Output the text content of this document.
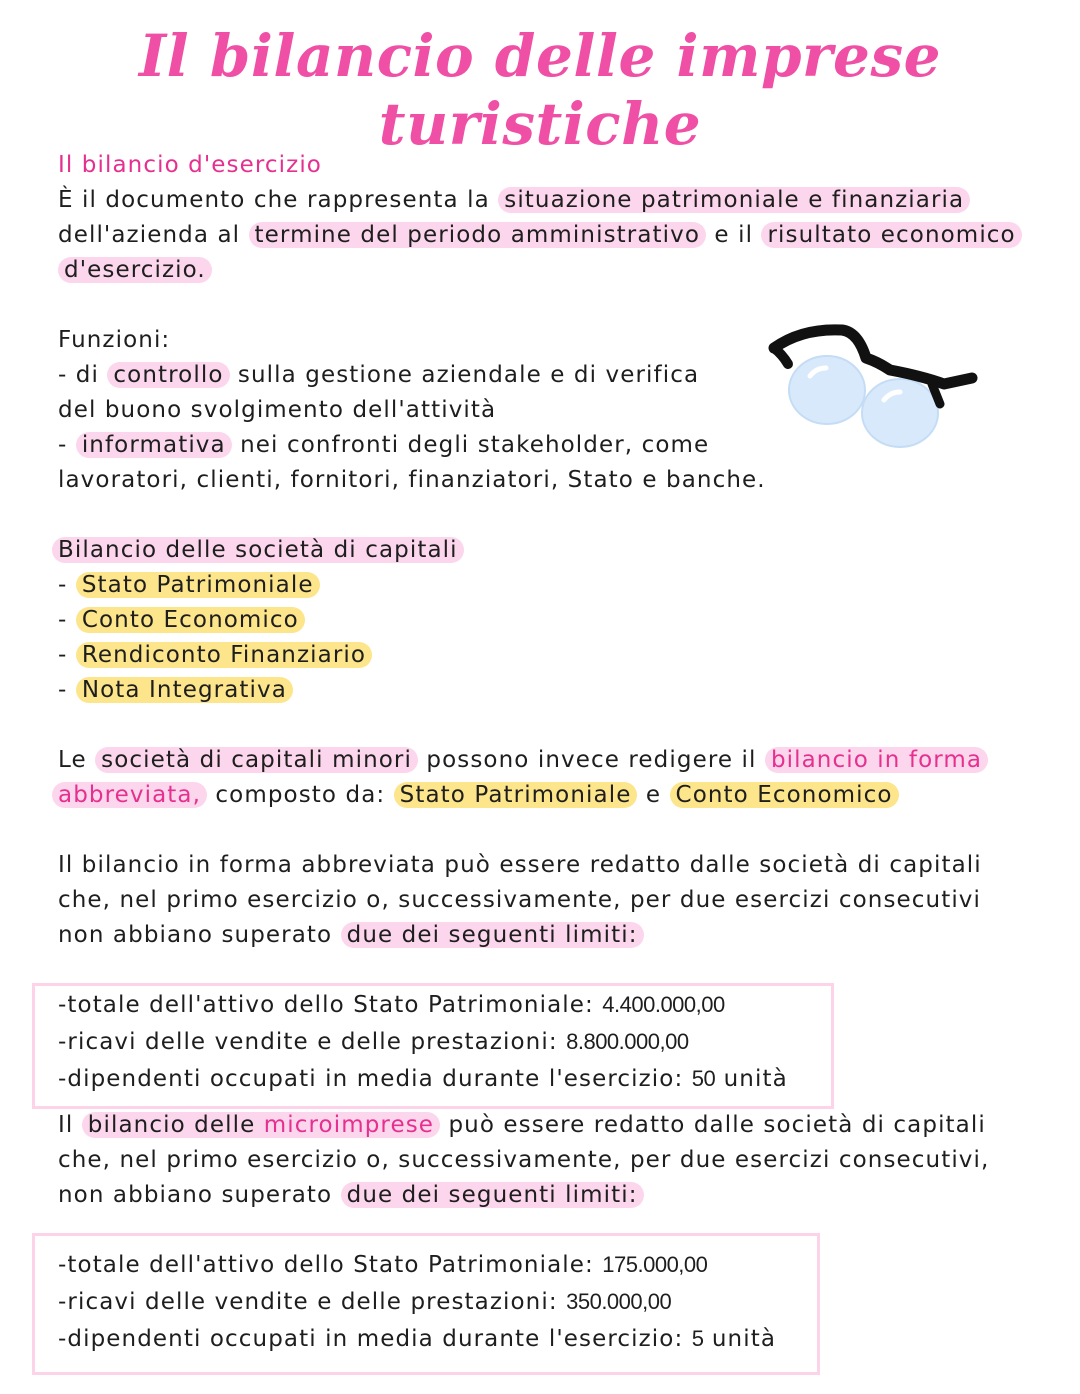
Il bilancio delle imprese turistiche
Il bilancio d'esercizio
È il documento che rappresenta la situazione patrimoniale e finanziaria
dell'azienda al termine del periodo amministrativo e il risultato economico
d'esercizio.
Funzioni:
- di controllo sulla gestione aziendale e di verifica
del buono svolgimento dell'attività
- informativa nei confronti degli stakeholder, come
lavoratori, clienti, fornitori, finanziatori, Stato e banche.
Bilancio delle società di capitali
- Stato Patrimoniale
- Conto Economico
- Rendiconto Finanziario
- Nota Integrativa
Le società di capitali minori possono invece redigere il bilancio in forma
abbreviata, composto da: Stato Patrimoniale e Conto Economico
Il bilancio in forma abbreviata può essere redatto dalle società di capitali
che, nel primo esercizio o, successivamente, per due esercizi consecutivi
non abbiano superato due dei seguenti limiti:
-totale dell'attivo dello Stato Patrimoniale: 4.400.000,00
-ricavi delle vendite e delle prestazioni: 8.800.000,00
-dipendenti occupati in media durante l'esercizio: 50 unità
Il bilancio delle microimprese può essere redatto dalle società di capitali
che, nel primo esercizio o, successivamente, per due esercizi consecutivi,
non abbiano superato due dei seguenti limiti:
-totale dell'attivo dello Stato Patrimoniale: 175.000,00
-ricavi delle vendite e delle prestazioni: 350.000,00
-dipendenti occupati in media durante l'esercizio: 5 unità
